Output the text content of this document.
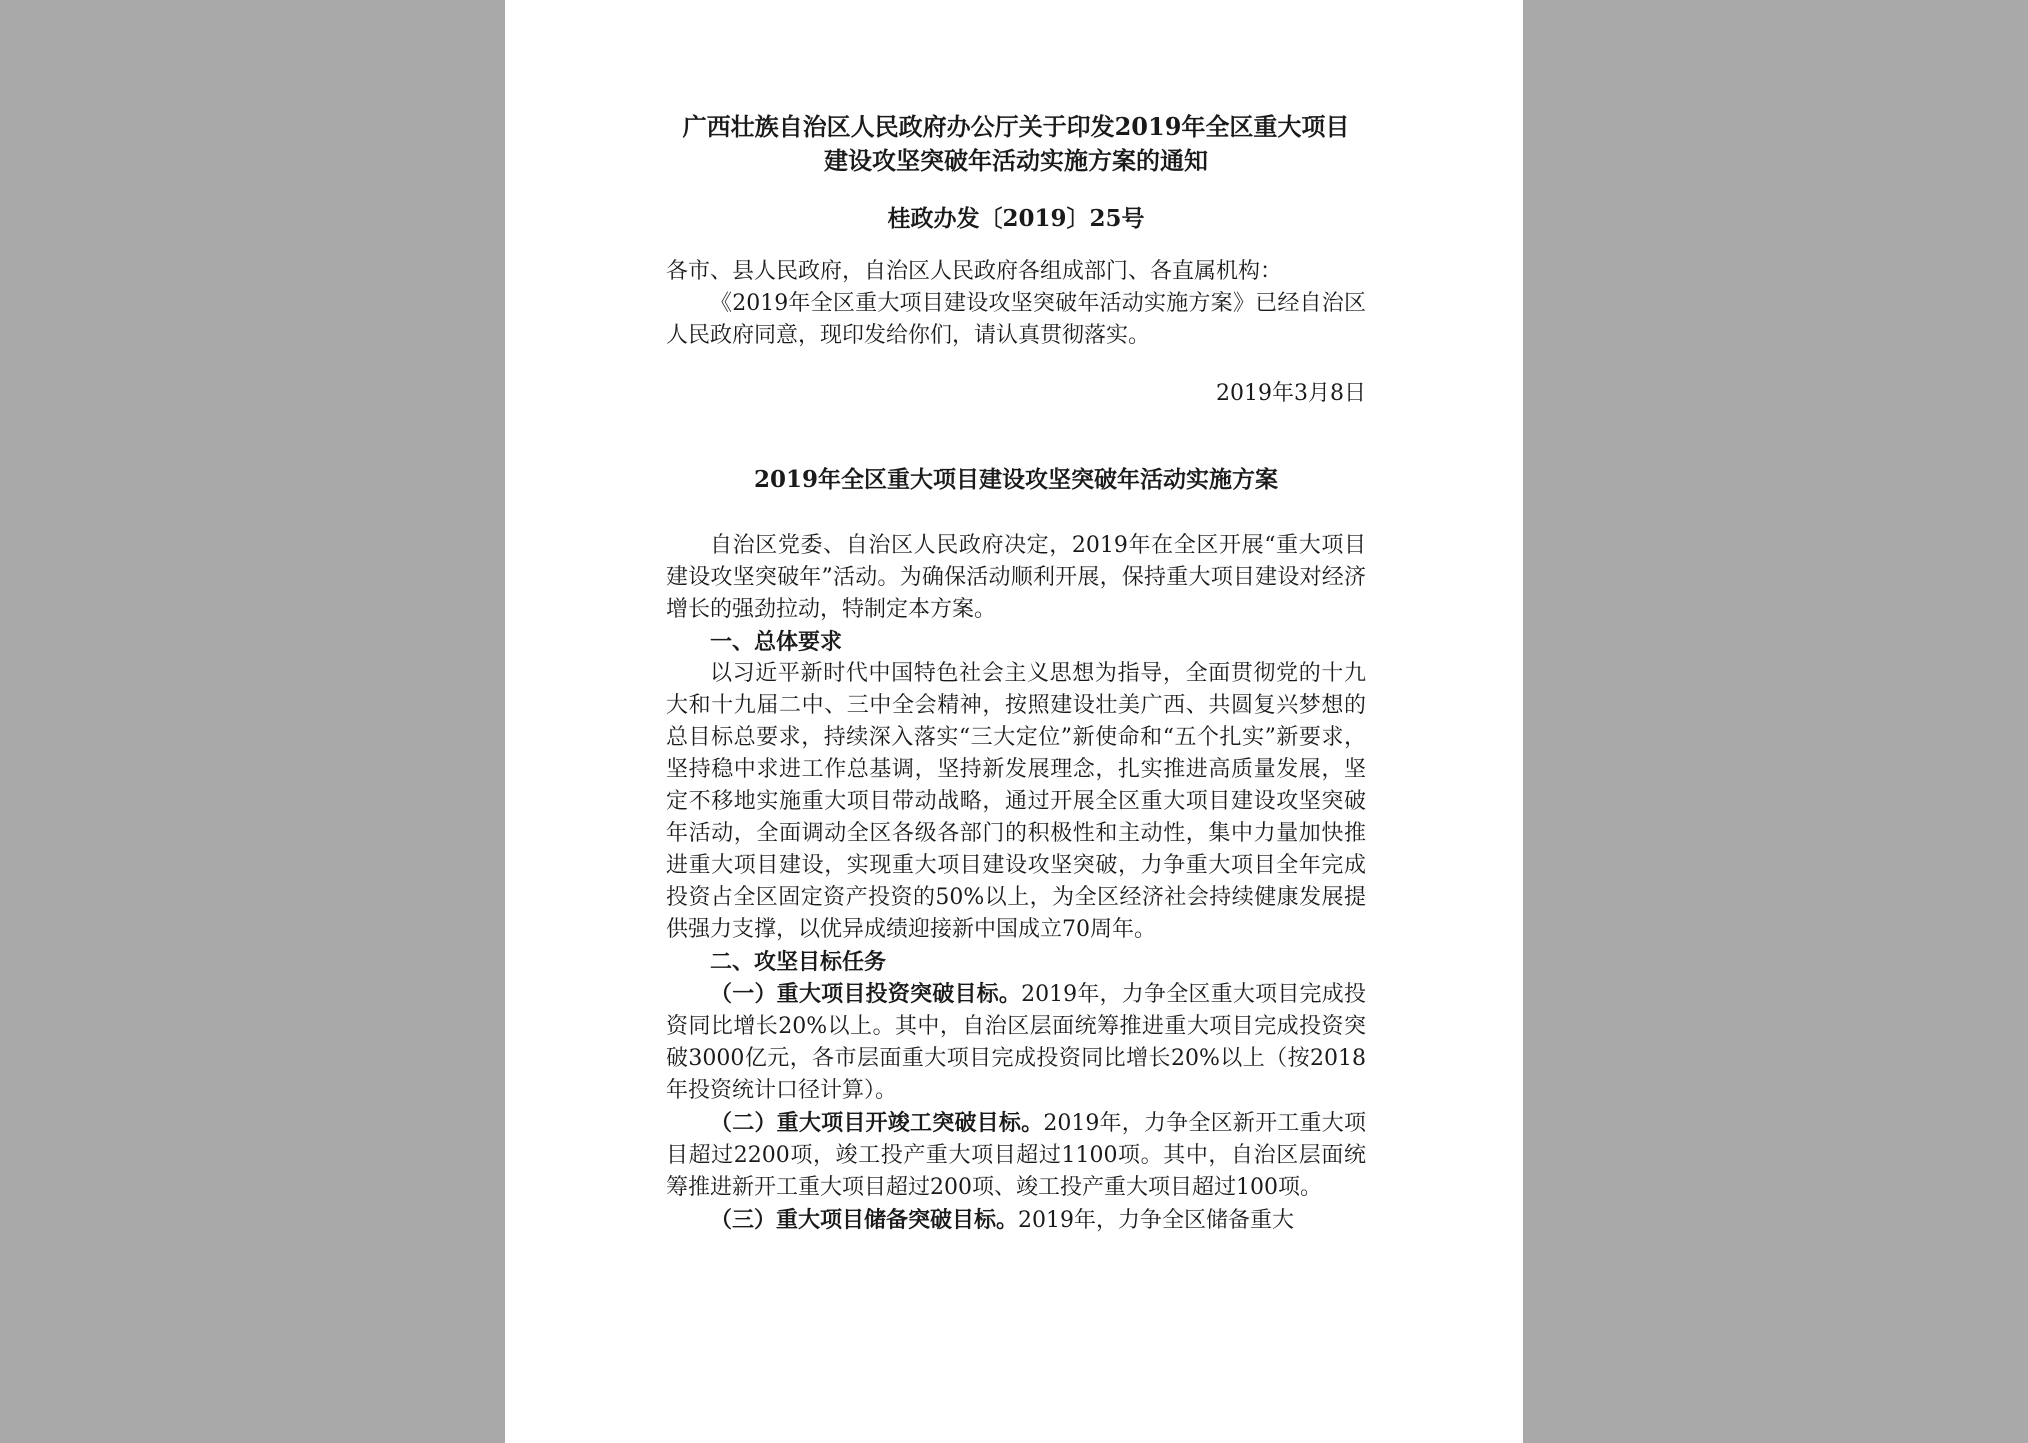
广西壮族自治区人民政府办公厅关于印发2019年全区重大项目建设攻坚突破年活动实施方案的通知
桂政办发〔2019〕25号

各市、县人民政府，自治区人民政府各组成部门、各直属机构：

《2019年全区重大项目建设攻坚突破年活动实施方案》已经自治区人民政府同意，现印发给你们，请认真贯彻落实。

2019年3月8日
2019年全区重大项目建设攻坚突破年活动实施方案

自治区党委、自治区人民政府决定，2019年在全区开展“重大项目建设攻坚突破年”活动。为确保活动顺利开展，保持重大项目建设对经济增长的强劲拉动，特制定本方案。

一、总体要求

以习近平新时代中国特色社会主义思想为指导，全面贯彻党的十九大和十九届二中、三中全会精神，按照建设壮美广西、共圆复兴梦想的总目标总要求，持续深入落实“三大定位”新使命和“五个扎实”新要求，坚持稳中求进工作总基调，坚持新发展理念，扎实推进高质量发展，坚定不移地实施重大项目带动战略，通过开展全区重大项目建设攻坚突破年活动，全面调动全区各级各部门的积极性和主动性，集中力量加快推进重大项目建设，实现重大项目建设攻坚突破，力争重大项目全年完成投资占全区固定资产投资的50%以上，为全区经济社会持续健康发展提供强力支撑，以优异成绩迎接新中国成立70周年。

二、攻坚目标任务

（一）重大项目投资突破目标。2019年，力争全区重大项目完成投资同比增长20%以上。其中，自治区层面统筹推进重大项目完成投资突破3000亿元，各市层面重大项目完成投资同比增长20%以上（按2018年投资统计口径计算）。

（二）重大项目开竣工突破目标。2019年，力争全区新开工重大项目超过2200项，竣工投产重大项目超过1100项。其中，自治区层面统筹推进新开工重大项目超过200项、竣工投产重大项目超过100项。

（三）重大项目储备突破目标。2019年，力争全区储备重大
